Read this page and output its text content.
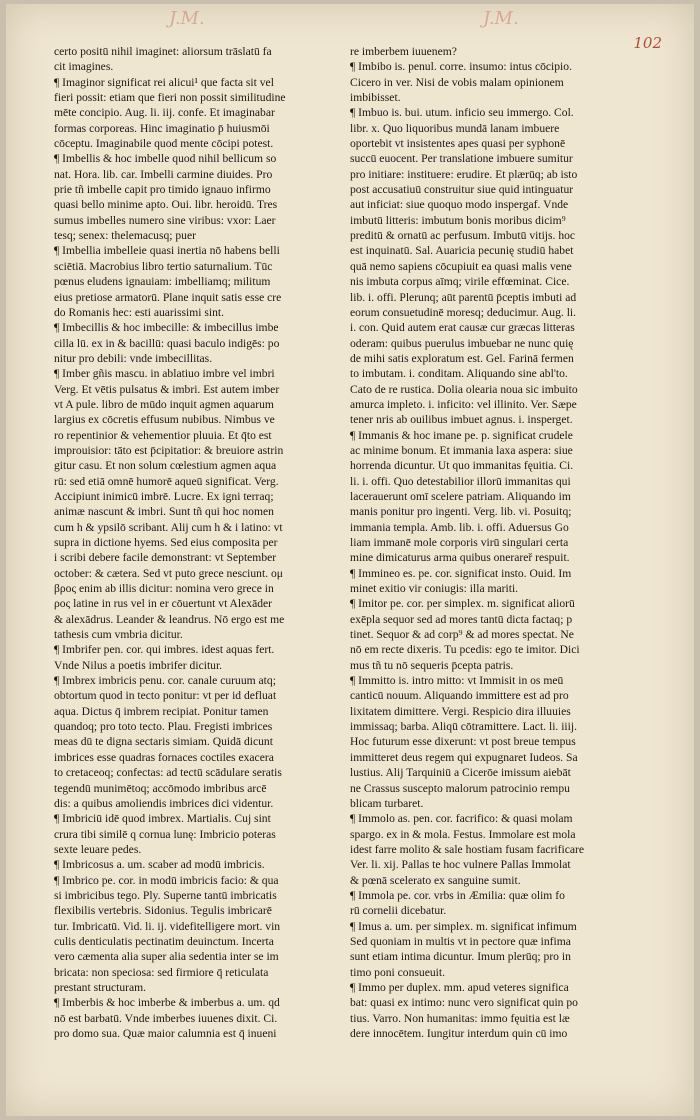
J.M.	J.M.
102
certo positū nihil imaginet: aliorsum trāslatū fa
cit imagines.
¶ Imaginor significat rei alicui¹ que facta sit vel
fieri possit: etiam que fieri non possit similitudine
mēte concipio. Aug. li. iij. confe. Et imaginabar
formas corporeas. Hinc imaginatio p̄ huiusmōi
cōceptu. Imaginabile quod mente cōcipi potest.
¶ Imbellis & hoc imbelle quod nihil bellicum so
nat. Hora. lib. car. Imbelli carmine diuides. Pro
prie tñ imbelle capit pro timido ignauo infirmo
quasi bello minime apto. Oui. libr. heroidū. Tres
sumus imbelles numero sine viribus: vxor: Laer
tesq; senex: thelemacusq; puer
¶ Imbellia imbelleie quasi inertia nō habens belli
sciētiā. Macrobius libro tertio saturnalium. Tūc
pœnus eludens ignauiam: imbelliamq; militum
eius pretiose armatorū. Plane inquit satis esse cre
do Romanis hec: esti auarissimi sint.
¶ Imbecillis & hoc imbecille: & imbecillus imbe
cilla lū. ex in & bacillū: quasi baculo indigēs: po
nitur pro debili: vnde imbecillitas.
¶ Imber gñis mascu. in ablatiuo imbre vel imbri
Verg. Et vētis pulsatus & imbri. Est autem imber
vt A pule. libro de mūdo inquit agmen aquarum
largius ex cōcretis effusum nubibus. Nimbus ve
ro repentinior & vehementior pluuia. Et q̄to est
improuisior: tāto est p̄cipitatior: & breuiore astrin
gitur casu. Et non solum cœlestium agmen aqua
rū: sed etiā omnē humorē aqueū significat. Verg.
Accipiunt inimicū imbrē. Lucre. Ex igni terraq;
animæ nascunt & imbri. Sunt tñ qui hoc nomen
cum h & ypsilō scribant. Alij cum h & i latino: vt
supra in dictione hyems. Sed eius composita per
i scribi debere facile demonstrant: vt September
october: & cætera. Sed vt puto grece nesciunt. ομ
βρος enim ab illis dicitur: nomina vero grece in
ρος latine in rus vel in er cōuertunt vt Alexāder
& alexādrus. Leander & leandrus. Nō ergo est me
tathesis cum vmbria dicitur.
¶ Imbrifer pen. cor. qui imbres. idest aquas fert.
Vnde Nilus a poetis imbrifer dicitur.
¶ Imbrex imbricis penu. cor. canale curuum atq;
obtortum quod in tecto ponitur: vt per id defluat
aqua. Dictus q̄ imbrem recipiat. Ponitur tamen
quandoq; pro toto tecto. Plau. Fregisti imbrices
meas dū te digna sectaris simiam. Quidā dicunt
imbrices esse quadras fornaces coctiles exacera
to cretaceoq; confectas: ad tectū scādulare seratis
tegendū munimētoq; accōmodo imbribus arcē
dis: a quibus amoliendis imbrices dici videntur.
¶ Imbriciū idē quod imbrex. Martialis. Cuj sint
crura tibi similē q cornua lunę: Imbricio poteras
sexte leuare pedes.
¶ Imbricosus a. um. scaber ad modū imbricis.
¶ Imbrico pe. cor. in modū imbricis facio: & qua
si imbricibus tego. Ply. Superne tantū imbricatis
flexibilis vertebris. Sidonius. Tegulis imbricarē
tur. Imbricatū. Vid. li. ij. videfitelligere mort. vin
culis denticulatis pectinatim deuinctum. Incerta
vero cæmenta alia super alia sedentia inter se im
bricata: non speciosa: sed firmiore q̄ reticulata
prestant structuram.
¶ Imberbis & hoc imberbe & imberbus a. um. qd
nō est barbatū. Vnde imberbes iuuenes dixit. Ci.
pro domo sua. Quæ maior calumnia est q̄ inueni
re imberbem iuuenem?
¶ Imbibo is. penul. corre. insumo: intus cōcipio.
Cicero in ver. Nisi de vobis malam opinionem
imbibisset.
¶ Imbuo is. bui. utum. inficio seu immergo. Col.
libr. x. Quo liquoribus mundā lanam imbuere
oportebit vt insistentes apes quasi per syphonē
succū euocent. Per translatione imbuere sumitur
pro initiare: instituere: erudire. Et plærūq; ab isto
post accusatiuū construitur siue quid intinguatur
aut inficiat: siue quoquo modo inspergaf. Vnde
imbutū litteris: imbutum bonis moribus dicim⁹
preditū & ornatū ac perfusum. Imbutū vitijs. hoc
est inquinatū. Sal. Auaricia pecunię studiū habet
quā nemo sapiens cōcupiuit ea quasi malis vene
nis imbuta corpus aīmq; virile effœminat. Cice.
lib. i. offi. Plerunq; aūt parentū p̄ceptis imbuti ad
eorum consuetudinē moresq; deducimur. Aug. li.
i. con. Quid autem erat causæ cur græcas litteras
oderam: quibus puerulus imbuebar ne nunc quię
de mihi satis exploratum est. Gel. Farinā fermen
to imbutam. i. conditam. Aliquando sine abl'to.
Cato de re rustica. Dolia olearia noua sic imbuito
amurca impleto. i. inficito: vel illinito. Ver. Sæpe
tener nris ab ouilibus imbuet agnus. i. insperget.
¶ Immanis & hoc imane pe. p. significat crudele
ac minime bonum. Et immania laxa aspera: siue
horrenda dicuntur. Ut quo immanitas fęuitia. Ci.
li. i. offi. Quo detestabilior illorū immanitas qui
lacerauerunt omī scelere patriam. Aliquando im
manis ponitur pro ingenti. Verg. lib. vi. Posuitq;
immania templa. Amb. lib. i. offi. Aduersus Go
liam immanē mole corporis virū singulari certa
mine dimicaturus arma quibus onerareř respuit.
¶ Immineo es. pe. cor. significat insto. Ouid. Im
minet exitio vir coniugis: illa mariti.
¶ Imitor pe. cor. per simplex. m. significat aliorū
exēpla sequor sed ad mores tantū dicta factaq; p
tinet. Sequor & ad corp⁹ & ad mores spectat. Ne
nō em recte dixeris. Tu pcedis: ego te imitor. Dici
mus tñ tu nō sequeris p̄cepta patris.
¶ Immitto is. intro mitto: vt Immisit in os meū
canticū nouum. Aliquando immittere est ad pro
lixitatem dimittere. Vergi. Respicio dira illuuies
immissaq; barba. Aliqū cōtramittere. Lact. li. iiij.
Hoc futurum esse dixerunt: vt post breue tempus
immitteret deus regem qui expugnaret Iudeos. Sa
lustius. Alij Tarquiniū a Cicerōe imissum aiebāt
ne Crassus suscepto malorum patrocinio rempu
blicam turbaret.
¶ Immolo as. pen. cor. facrifico: & quasi molam
spargo. ex in & mola. Festus. Immolare est mola
idest farre molito & sale hostiam fusam facrificare
Ver. li. xij. Pallas te hoc vulnere Pallas Immolat
& pœnā scelerato ex sanguine sumit.
¶ Immola pe. cor. vrbs in Æmilia: quæ olim fo
rū cornelii dicebatur.
¶ Imus a. um. per simplex. m. significat infimum
Sed quoniam in multis vt in pectore quæ infima
sunt etiam intima dicuntur. Imum plerūq; pro in
timo poni consueuit.
¶ Immo per duplex. mm. apud veteres significa
bat: quasi ex intimo: nunc vero significat quin po
tius. Varro. Non humanitas: immo fęuitia est læ
dere innocētem. Iungitur interdum quin cū imo
